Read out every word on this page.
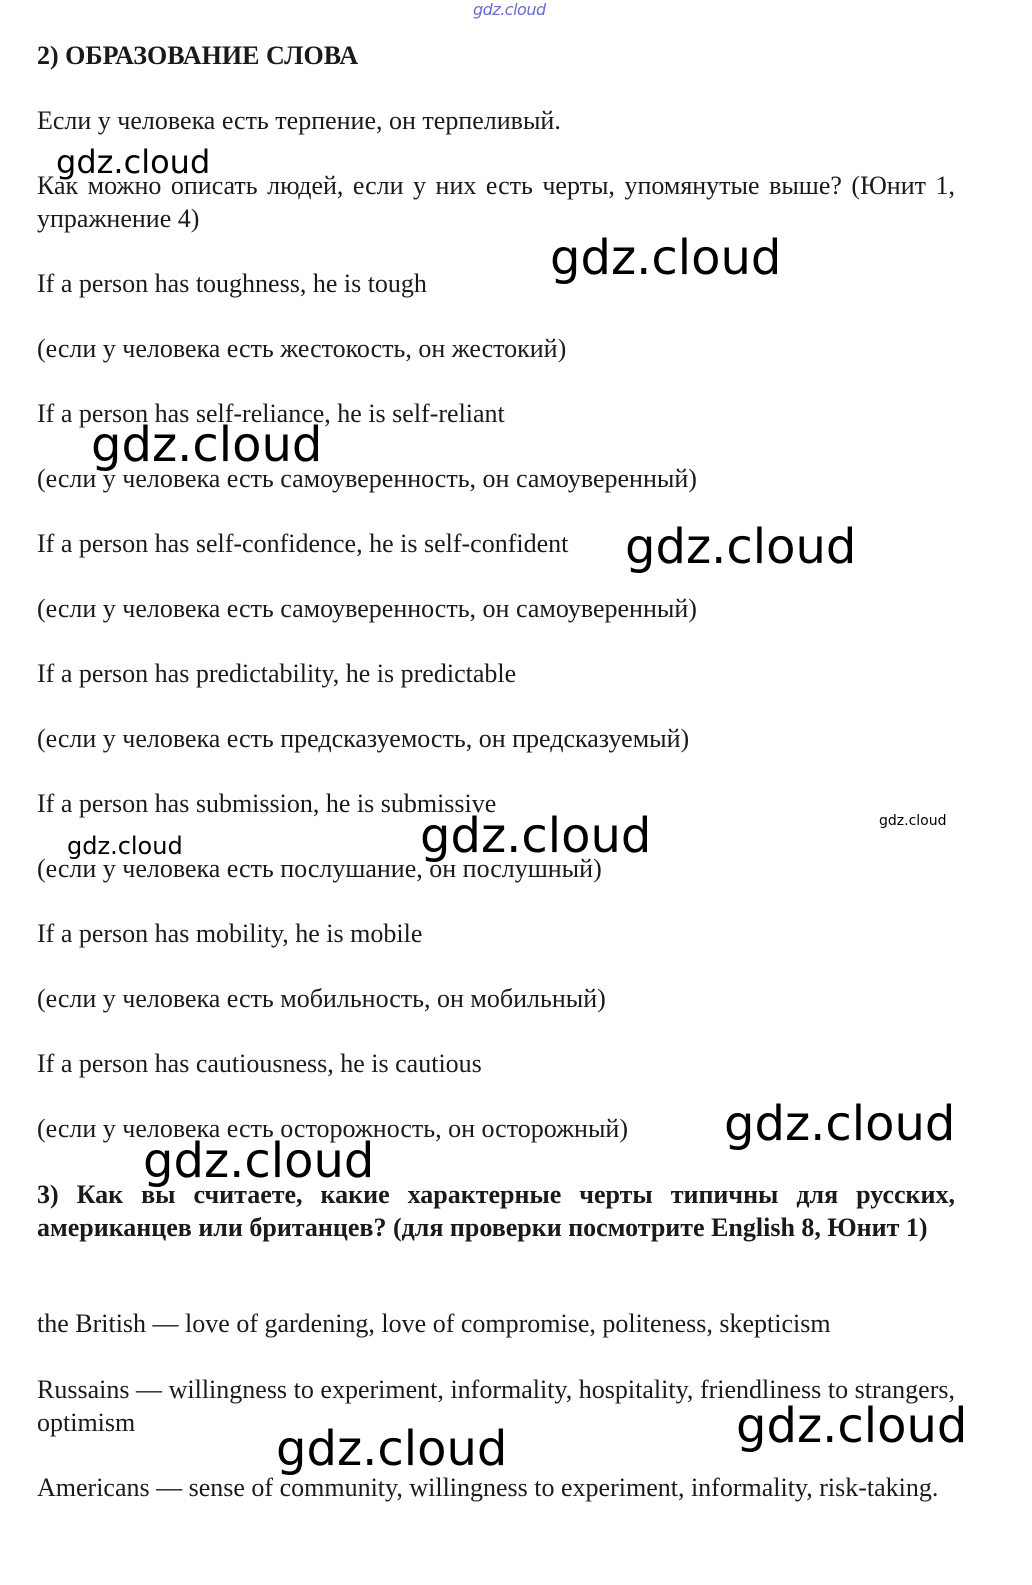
gdz.cloud
2) ОБРАЗОВАНИЕ СЛОВА
Если у человека есть терпение, он терпеливый.
Как можно описать людей, если у них есть черты, упомянутые выше? (Юнит 1, упражнение 4)
If a person has toughness, he is tough
(если у человека есть жестокость, он жестокий)
If a person has self-reliance, he is self-reliant
(если у человека есть самоуверенность, он самоуверенный)
If a person has self-confidence, he is self-confident
(если у человека есть самоуверенность, он самоуверенный)
If a person has predictability, he is predictable
(если у человека есть предсказуемость, он предсказуемый)
If a person has submission, he is submissive
(если у человека есть послушание, он послушный)
If a person has mobility, he is mobile
(если у человека есть мобильность, он мобильный)
If a person has cautiousness, he is cautious
(если у человека есть осторожность, он осторожный)
3) Как вы считаете, какие характерные черты типичны для русских, американцев или британцев? (для проверки посмотрите English 8, Юнит 1)
the British — love of gardening, love of compromise, politeness, skepticism
Russains — willingness to experiment, informality, hospitality, friendliness to strangers, optimism
Americans — sense of community, willingness to experiment, informality, risk-taking.
gdz.cloud
gdz.cloud
gdz.cloud
gdz.cloud
gdz.cloud
gdz.cloud
gdz.cloud
gdz.cloud
gdz.cloud
gdz.cloud
gdz.cloud
